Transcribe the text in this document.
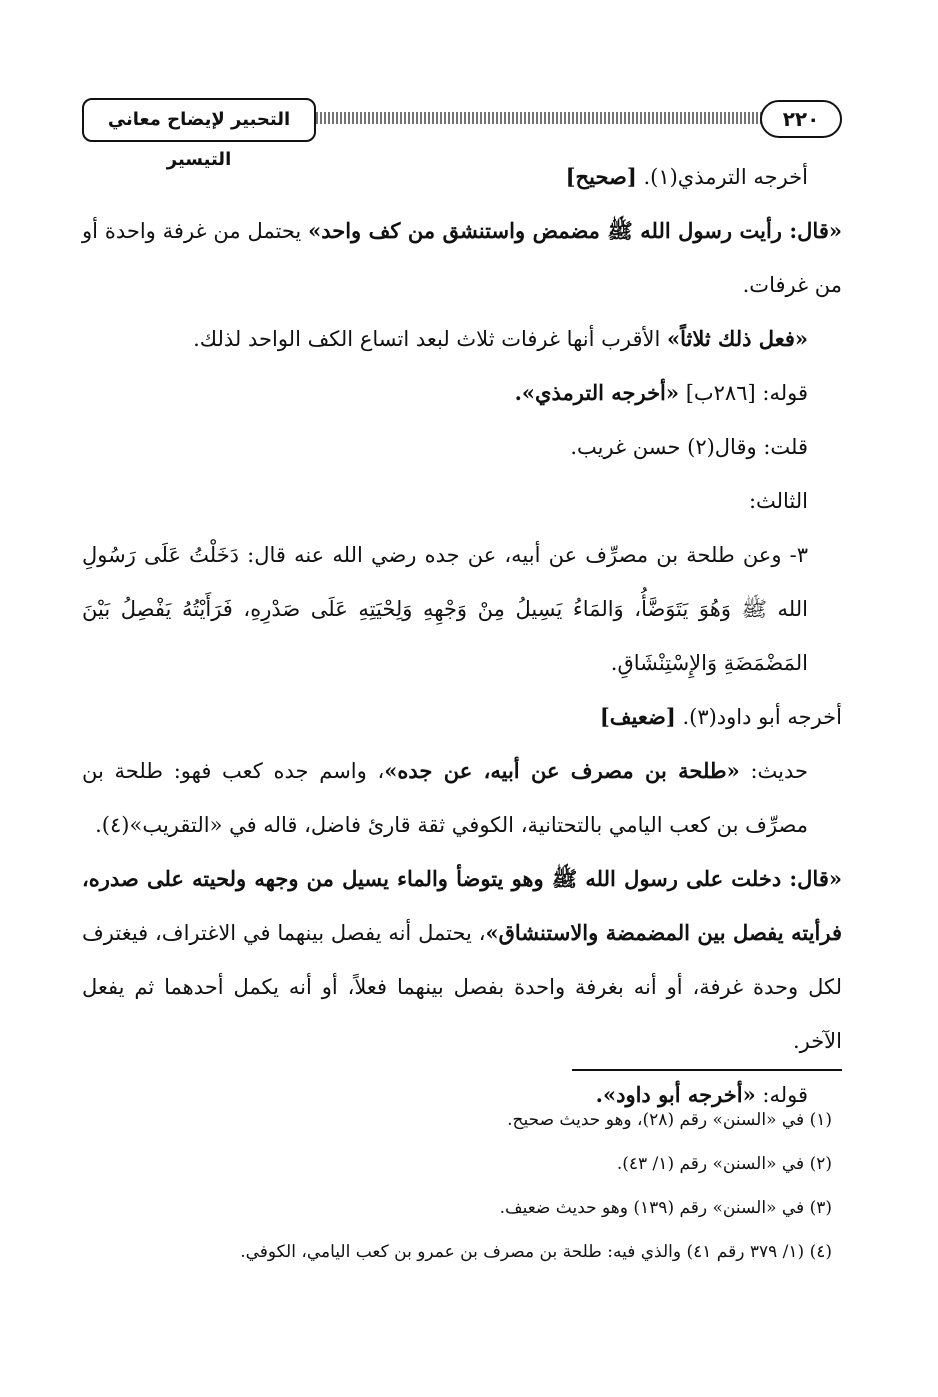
٢٢٠
التحبير لإيضاح معاني التيسير

أخرجه الترمذي(١). [صحيح]

«قال: رأيت رسول الله ﷺ مضمض واستنشق من كف واحد» يحتمل من غرفة واحدة أو من غرفات.

«فعل ذلك ثلاثاً» الأقرب أنها غرفات ثلاث لبعد اتساع الكف الواحد لذلك.

قوله: [٢٨٦ب] «أخرجه الترمذي».

قلت: وقال(٢) حسن غريب.

الثالث:

٣- وعن طلحة بن مصرِّف عن أبيه، عن جده رضي الله عنه قال: دَخَلْتُ عَلَى رَسُولِ الله ﷺ وَهُوَ يَتَوَضَّأُ، وَالمَاءُ يَسِيلُ مِنْ وَجْهِهِ وَلِحْيَتِهِ عَلَى صَدْرِهِ، فَرَأَيْتُهُ يَفْصِلُ بَيْنَ المَضْمَضَةِ وَالإِسْتِنْشَاقِ.

أخرجه أبو داود(٣). [ضعيف]

حديث: «طلحة بن مصرف عن أبيه، عن جده»، واسم جده كعب فهو: طلحة بن مصرِّف بن كعب اليامي بالتحتانية، الكوفي ثقة قارئ فاضل، قاله في «التقريب»(٤).

«قال: دخلت على رسول الله ﷺ وهو يتوضأ والماء يسيل من وجهه ولحيته على صدره، فرأيته يفصل بين المضمضة والاستنشاق»، يحتمل أنه يفصل بينهما في الاغتراف، فيغترف لكل وحدة غرفة، أو أنه بغرفة واحدة بفصل بينهما فعلاً، أو أنه يكمل أحدهما ثم يفعل الآخر.

قوله: «أخرجه أبو داود».

(١) في «السنن» رقم (٢٨)، وهو حديث صحيح.

(٢) في «السنن» رقم (١/ ٤٣).

(٣) في «السنن» رقم (١٣٩) وهو حديث ضعيف.

(٤) (١/ ٣٧٩ رقم ٤١) والذي فيه: طلحة بن مصرف بن عمرو بن كعب اليامي، الكوفي.
